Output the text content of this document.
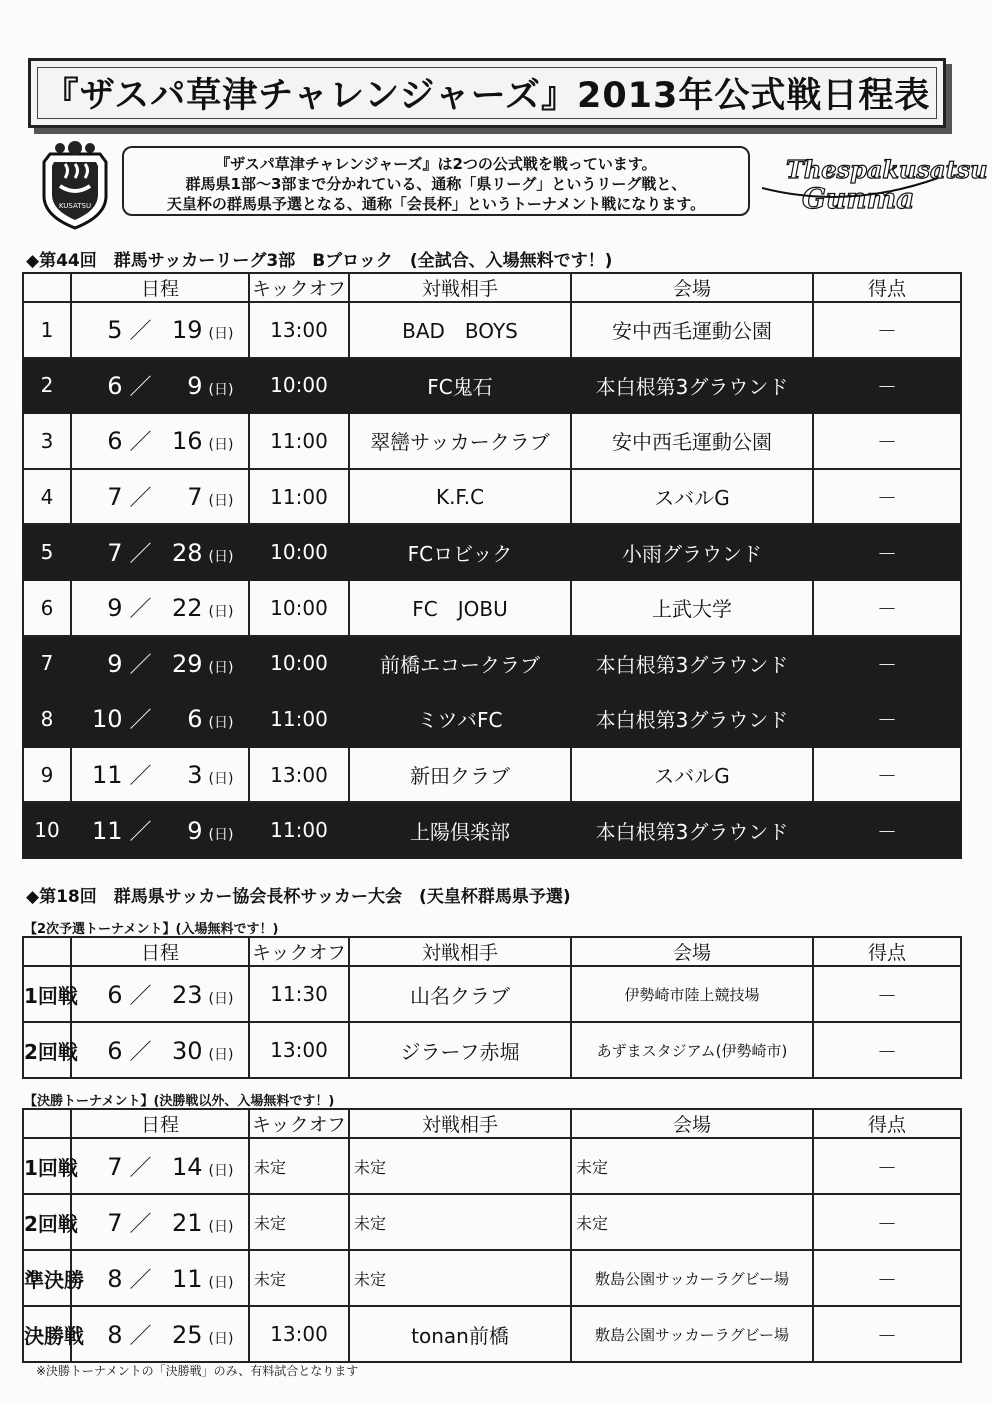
『ザスパ草津チャレンジャーズ』2013年公式戦日程表
KUSATSU
『ザスパ草津チャレンジャーズ』は2つの公式戦を戦っています。
群馬県1部～3部まで分かれている、通称「県リーグ」というリーグ戦と、
天皇杯の群馬県予選となる、通称「会長杯」というトーナメント戦になります。
Thespakusatsu
Gunma
◆第44回　群馬サッカーリーグ3部　Bブロック　(全試合、入場無料です！)
	日程	キックオフ	対戦相手	会場	得点
1	5 ／ 19 (日)	13:00	BAD　BOYS	安中西毛運動公園	－
2	6 ／ 9 (日)	10:00	FC鬼石	本白根第3グラウンド	－
3	6 ／ 16 (日)	11:00	翠巒サッカークラブ	安中西毛運動公園	－
4	7 ／ 7 (日)	11:00	K.F.C	スバルG	－
5	7 ／ 28 (日)	10:00	FCロビック	小雨グラウンド	－
6	9 ／ 22 (日)	10:00	FC　JOBU	上武大学	－
7	9 ／ 29 (日)	10:00	前橋エコークラブ	本白根第3グラウンド	－
8	10 ／ 6 (日)	11:00	ミツバFC	本白根第3グラウンド	－
9	11 ／ 3 (日)	13:00	新田クラブ	スバルG	－
10	11 ／ 9 (日)	11:00	上陽倶楽部	本白根第3グラウンド	－
◆第18回　群馬県サッカー協会長杯サッカー大会　(天皇杯群馬県予選)
【2次予選トーナメント】(入場無料です！)
	日程	キックオフ	対戦相手	会場	得点
1回戦	6 ／ 23 (日)	11:30	山名クラブ	伊勢崎市陸上競技場	－
2回戦	6 ／ 30 (日)	13:00	ジラーフ赤堀	あずまスタジアム(伊勢崎市)	－
【決勝トーナメント】(決勝戦以外、入場無料です！)
	日程	キックオフ	対戦相手	会場	得点
1回戦	7 ／ 14 (日)	未定	未定	未定	－
2回戦	7 ／ 21 (日)	未定	未定	未定	－
準決勝	8 ／ 11 (日)	未定	未定	敷島公園サッカーラグビー場	－
決勝戦	8 ／ 25 (日)	13:00	tonan前橋	敷島公園サッカーラグビー場	－
※決勝トーナメントの「決勝戦」のみ、有料試合となります
